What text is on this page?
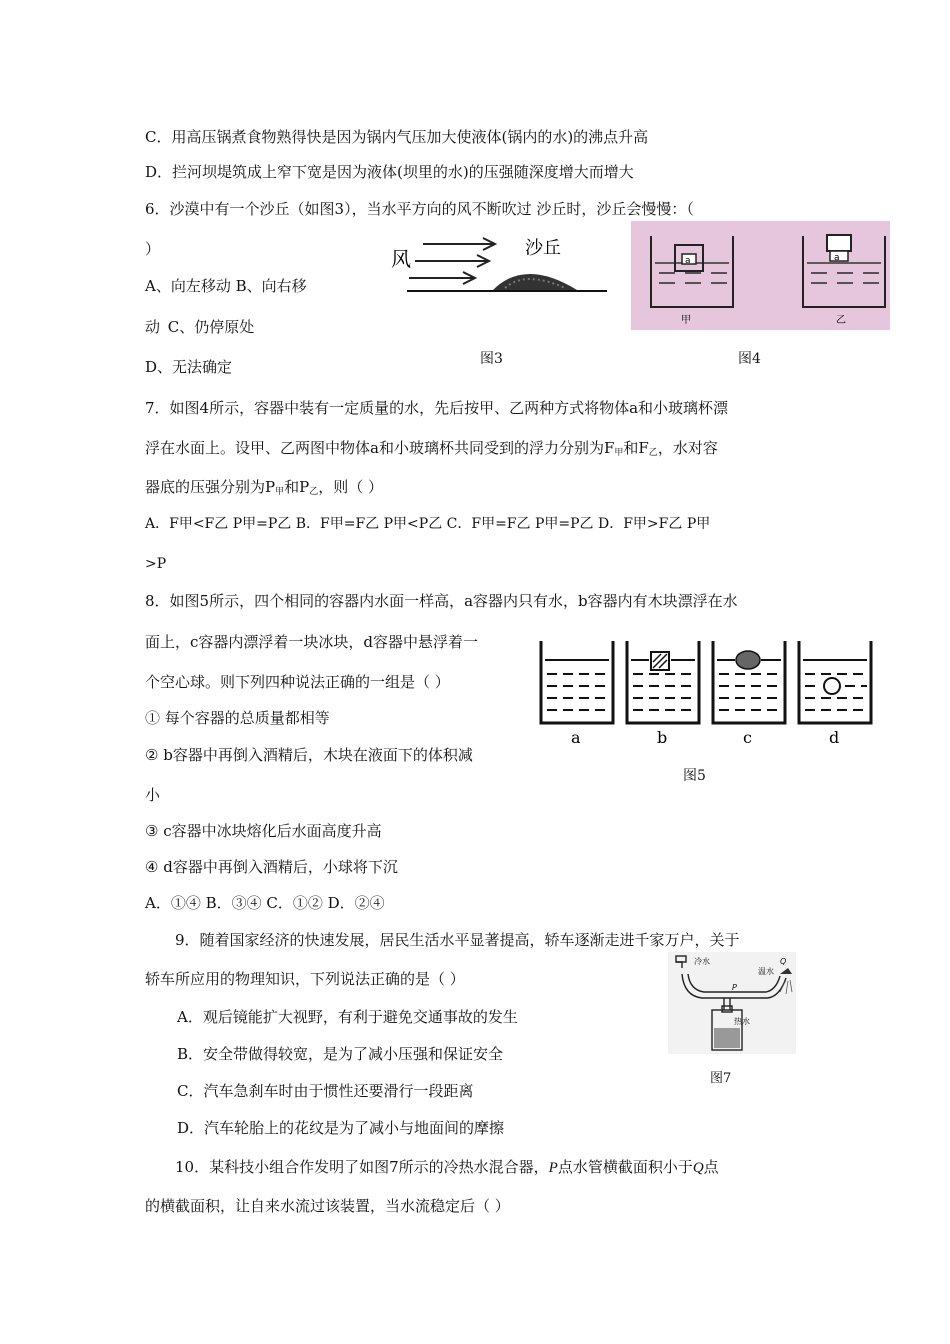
C．用高压锅煮食物熟得快是因为锅内气压加大使液体(锅内的水)的沸点升高
D．拦河坝堤筑成上窄下宽是因为液体(坝里的水)的压强随深度增大而增大
6．沙漠中有一个沙丘（如图3），当水平方向的风不断吹过 沙丘时，沙丘会慢慢：（
）
A、向左移动 B、向右移
动 C、仍停原处
D、无法确定
风	沙丘
a	a
甲	乙
图3	图4
7．如图4所示，容器中装有一定质量的水，先后按甲、乙两种方式将物体a和小玻璃杯漂
浮在水面上。设甲、乙两图中物体a和小玻璃杯共同受到的浮力分别为$F_甲$和$F_乙$，水对容
器底的压强分别为$P_甲$和$P_乙$，则（ ）
A．F甲<F乙 P甲=P乙 B．F甲=F乙 P甲<P乙 C．F甲=F乙 P甲=P乙 D．F甲>F乙 P甲
>P
8．如图5所示，四个相同的容器内水面一样高，a容器内只有水，b容器内有木块漂浮在水
面上，c容器内漂浮着一块冰块，d容器中悬浮着一
个空心球。则下列四种说法正确的一组是（ ）
① 每个容器的总质量都相等
② b容器中再倒入酒精后，木块在液面下的体积减
小
③ c容器中冰块熔化后水面高度升高
④ d容器中再倒入酒精后，小球将下沉
A．①④ B．③④ C．①② D．②④
a	b	c	d
图5
9．随着国家经济的快速发展，居民生活水平显著提高，轿车逐渐走进千家万户，关于
轿车所应用的物理知识，下列说法正确的是（ ）
A．观后镜能扩大视野，有利于避免交通事故的发生
B．安全带做得较宽，是为了减小压强和保证安全
C．汽车急刹车时由于惯性还要滑行一段距离
D．汽车轮胎上的花纹是为了减小与地面间的摩擦
冷水
温水
热水
P
Q
图7
10．某科技小组合作发明了如图7所示的冷热水混合器，P点水管横截面积小于Q点
的横截面积，让自来水流过该装置，当水流稳定后（ ）
